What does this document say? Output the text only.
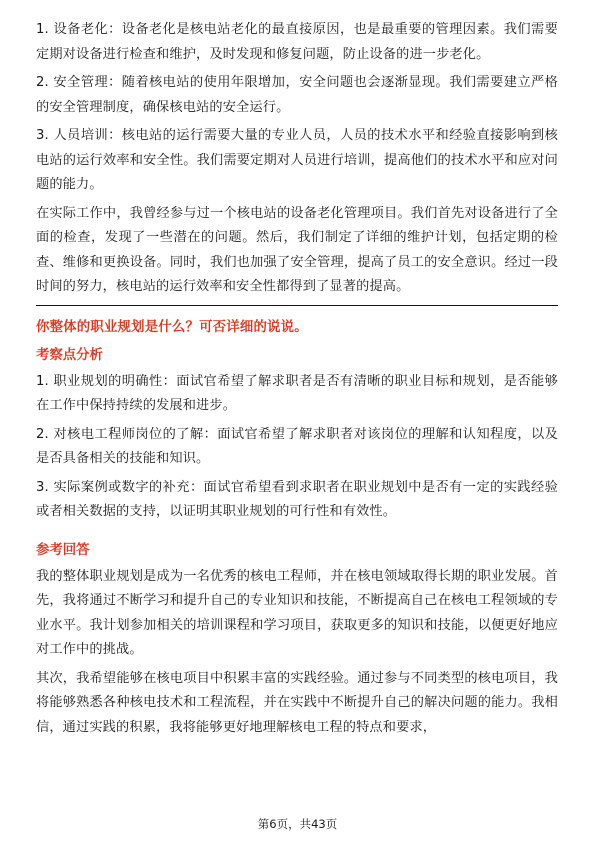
1. 设备老化：设备老化是核电站老化的最直接原因，也是最重要的管理因素。我们需要定期对设备进行检查和维护，及时发现和修复问题，防止设备的进一步老化。

2. 安全管理：随着核电站的使用年限增加，安全问题也会逐渐显现。我们需要建立严格的安全管理制度，确保核电站的安全运行。

3. 人员培训：核电站的运行需要大量的专业人员，人员的技术水平和经验直接影响到核电站的运行效率和安全性。我们需要定期对人员进行培训，提高他们的技术水平和应对问题的能力。

在实际工作中，我曾经参与过一个核电站的设备老化管理项目。我们首先对设备进行了全面的检查，发现了一些潜在的问题。然后，我们制定了详细的维护计划，包括定期的检查、维修和更换设备。同时，我们也加强了安全管理，提高了员工的安全意识。经过一段时间的努力，核电站的运行效率和安全性都得到了显著的提高。

你整体的职业规划是什么？可否详细的说说。
考察点分析

1. 职业规划的明确性：面试官希望了解求职者是否有清晰的职业目标和规划，是否能够在工作中保持持续的发展和进步。

2. 对核电工程师岗位的了解：面试官希望了解求职者对该岗位的理解和认知程度，以及是否具备相关的技能和知识。

3. 实际案例或数字的补充：面试官希望看到求职者在职业规划中是否有一定的实践经验或者相关数据的支持，以证明其职业规划的可行性和有效性。

参考回答

我的整体职业规划是成为一名优秀的核电工程师，并在核电领域取得长期的职业发展。首先，我将通过不断学习和提升自己的专业知识和技能，不断提高自己在核电工程领域的专业水平。我计划参加相关的培训课程和学习项目，获取更多的知识和技能，以便更好地应对工作中的挑战。

其次，我希望能够在核电项目中积累丰富的实践经验。通过参与不同类型的核电项目，我将能够熟悉各种核电技术和工程流程，并在实践中不断提升自己的解决问题的能力。我相信，通过实践的积累，我将能够更好地理解核电工程的特点和要求，

第6页，共43页
